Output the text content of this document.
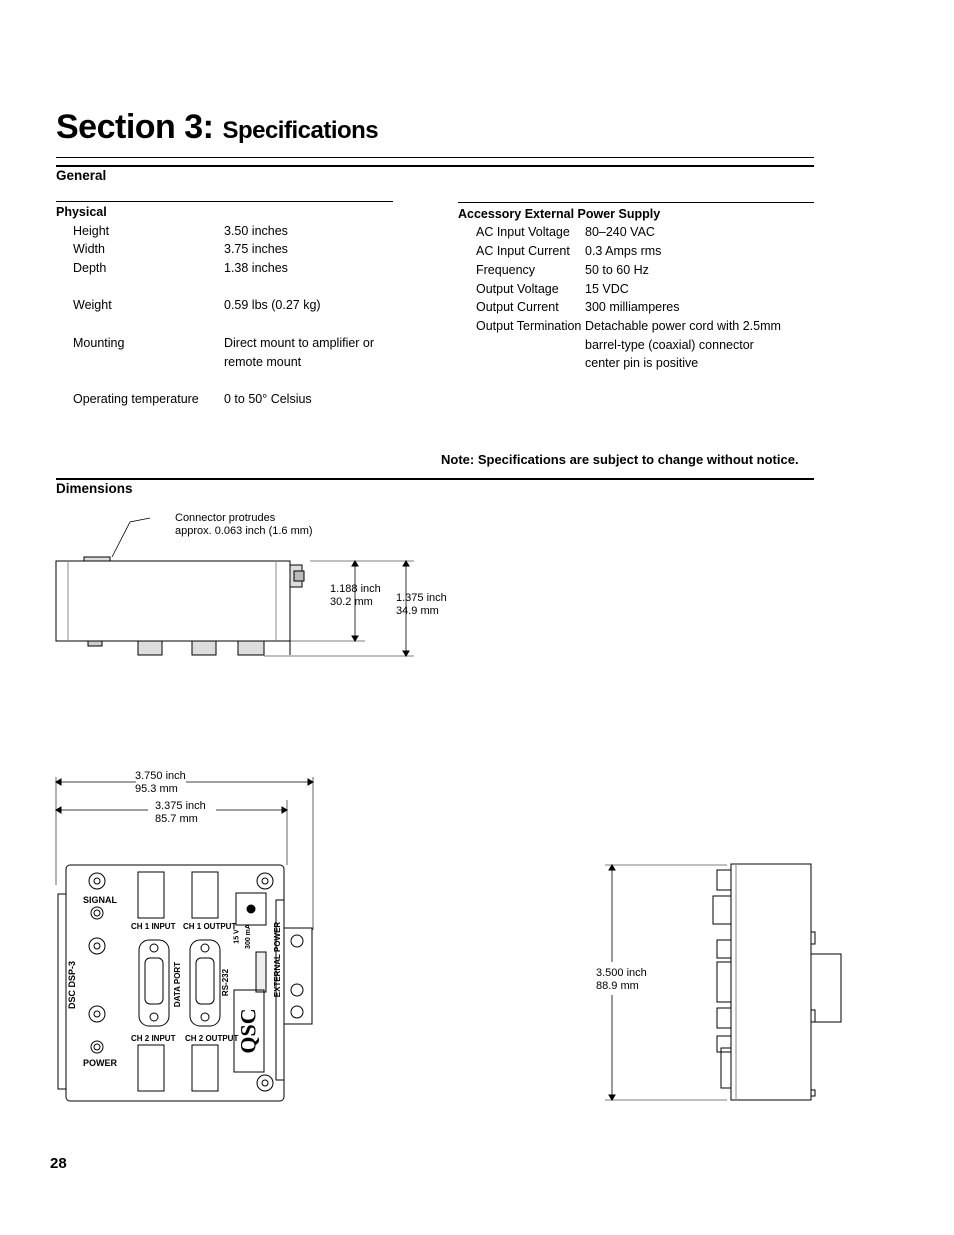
Section 3: Specifications
General
Physical
Height	3.50 inches
Width	3.75 inches
Depth	1.38 inches
Weight	0.59 lbs (0.27 kg)
Mounting	Direct mount to amplifier or
remote mount
Operating temperature 0 to 50° Celsius
Accessory External Power Supply
AC Input Voltage 80–240 VAC
AC Input Current 0.3 Amps rms
Frequency	50 to 60 Hz
Output Voltage 15 VDC
Output Current 300 milliamperes
Output Termination Detachable power cord with 2.5mm
barrel-type (coaxial) connector
center pin is positive
Note: Specifications are subject to change without notice.
Dimensions
Connector protrudes
approx. 0.063 inch (1.6 mm)
1.188 inch
30.2 mm 1.375 inch
34.9 mm
3.750 inch
95.3 mm
3.375 inch
85.7 mm
3.500 inch
88.9 mm
SIGNAL
POWER
CH 1 INPUT CH 1 OUTPUT
CH 2 INPUT CH 2 OUTPUT
DSC DSP-3	DATA PORT	RS-232	EXTERNAL POWER
15 V 300 mA
QSC
28
